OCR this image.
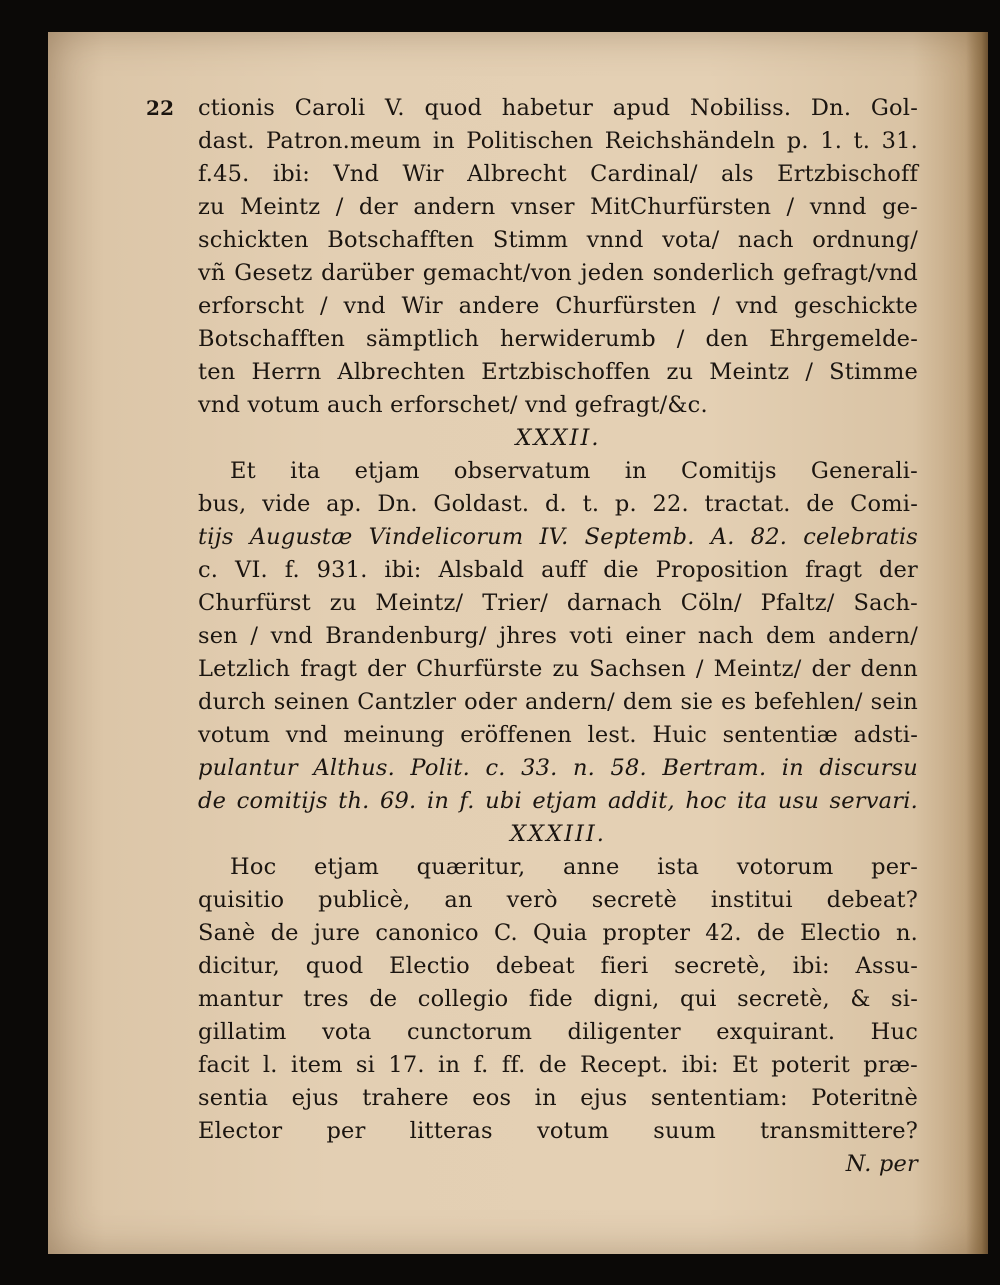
22 ctionis Caroli V. quod habetur apud Nobiliss. Dn. Gol-
dast. Patron.meum in Politischen Reichshändeln p. 1. t. 31.
f.45. ibi: Vnd Wir Albrecht Cardinal/ als Ertzbischoff
zu Meintz / der andern vnser MitChurfürsten / vnnd ge-
schickten Botschafften Stimm vnnd vota/ nach ordnung/
vñ Gesetz darüber gemacht/von jeden sonderlich gefragt/vnd
erforscht / vnd Wir andere Churfürsten / vnd geschickte
Botschafften sämptlich herwiderumb / den Ehrgemelde-
ten Herrn Albrechten Ertzbischoffen zu Meintz / Stimme
vnd votum auch erforschet/ vnd gefragt/&c.
XXXII.
Et ita etjam observatum in Comitijs Generali-
bus, vide ap. Dn. Goldast. d. t. p. 22. tractat. de Comi-
tijs Augustæ Vindelicorum IV. Septemb. A. 82. celebratis
c. VI. f. 931. ibi: Alsbald auff die Proposition fragt der
Churfürst zu Meintz/ Trier/ darnach Cöln/ Pfaltz/ Sach-
sen / vnd Brandenburg/ jhres voti einer nach dem andern/
Letzlich fragt der Churfürste zu Sachsen / Meintz/ der denn
durch seinen Cantzler oder andern/ dem sie es befehlen/ sein
votum vnd meinung eröffenen lest. Huic sententiæ adsti-
pulantur Althus. Polit. c. 33. n. 58. Bertram. in discursu
de comitijs th. 69. in f. ubi etjam addit, hoc ita usu servari.
XXXIII.
Hoc etjam quæritur, anne ista votorum per-
quisitio publicè, an verò secretè institui debeat?
Sanè de jure canonico C. Quia propter 42. de Electio n.
dicitur, quod Electio debeat fieri secretè, ibi: Assu-
mantur tres de collegio fide digni, qui secretè, & si-
gillatim vota cunctorum diligenter exquirant. Huc
facit l. item si 17. in f. ff. de Recept. ibi: Et poterit præ-
sentia ejus trahere eos in ejus sententiam: Poteritnè
Elector per litteras votum suum transmittere?
N. per
